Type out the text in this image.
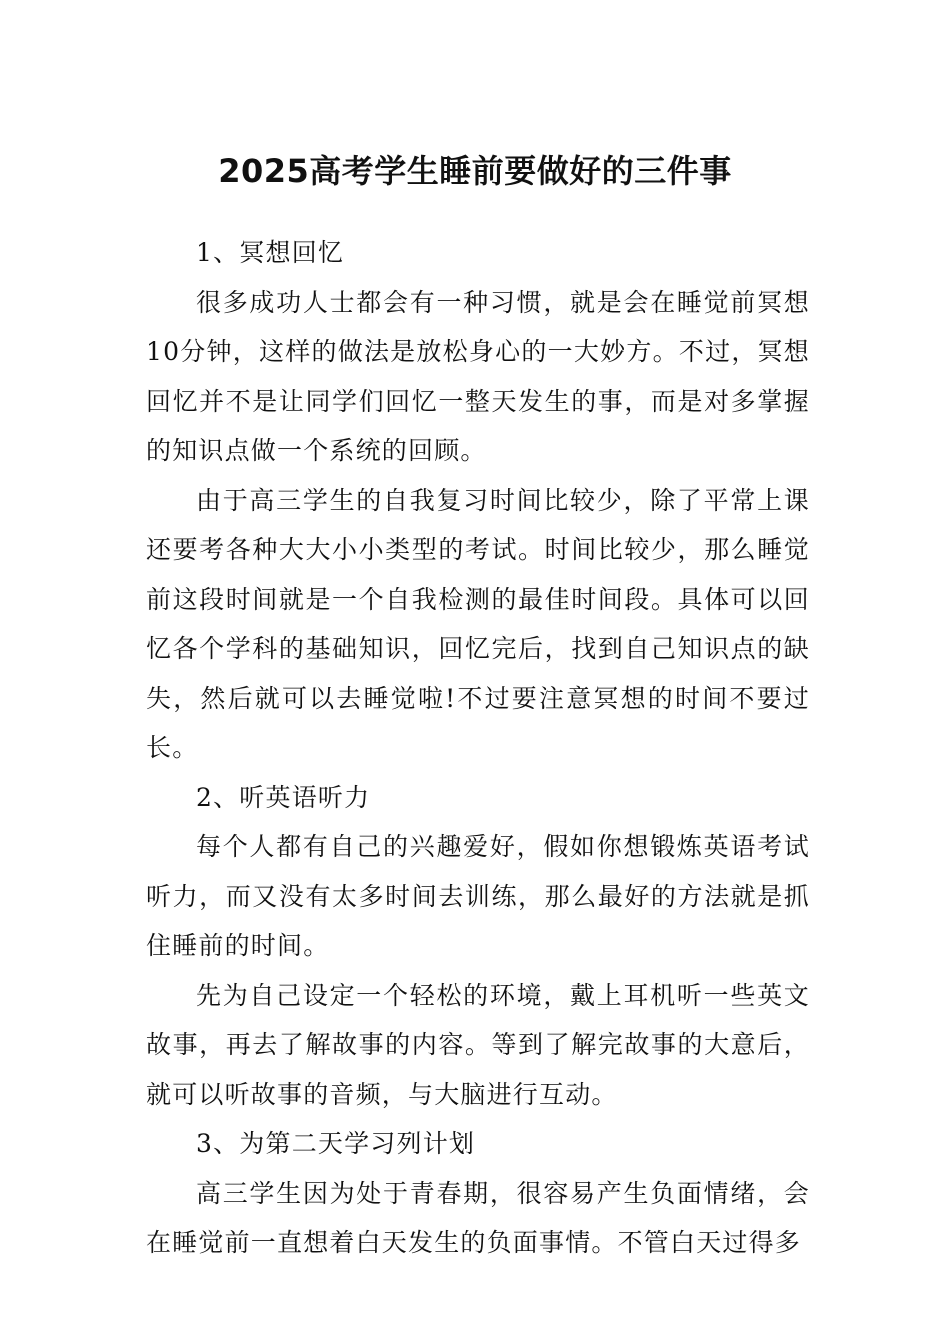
2025高考学生睡前要做好的三件事
1、冥想回忆

很多成功人士都会有一种习惯，就是会在睡觉前冥想10分钟，这样的做法是放松身心的一大妙方。不过，冥想回忆并不是让同学们回忆一整天发生的事，而是对多掌握的知识点做一个系统的回顾。

由于高三学生的自我复习时间比较少，除了平常上课还要考各种大大小小类型的考试。时间比较少，那么睡觉前这段时间就是一个自我检测的最佳时间段。具体可以回忆各个学科的基础知识，回忆完后，找到自己知识点的缺失，然后就可以去睡觉啦!不过要注意冥想的时间不要过长。

2、听英语听力

每个人都有自己的兴趣爱好，假如你想锻炼英语考试听力，而又没有太多时间去训练，那么最好的方法就是抓住睡前的时间。

先为自己设定一个轻松的环境，戴上耳机听一些英文故事，再去了解故事的内容。等到了解完故事的大意后，就可以听故事的音频，与大脑进行互动。

3、为第二天学习列计划

高三学生因为处于青春期，很容易产生负面情绪，会在睡觉前一直想着白天发生的负面事情。不管白天过得多
